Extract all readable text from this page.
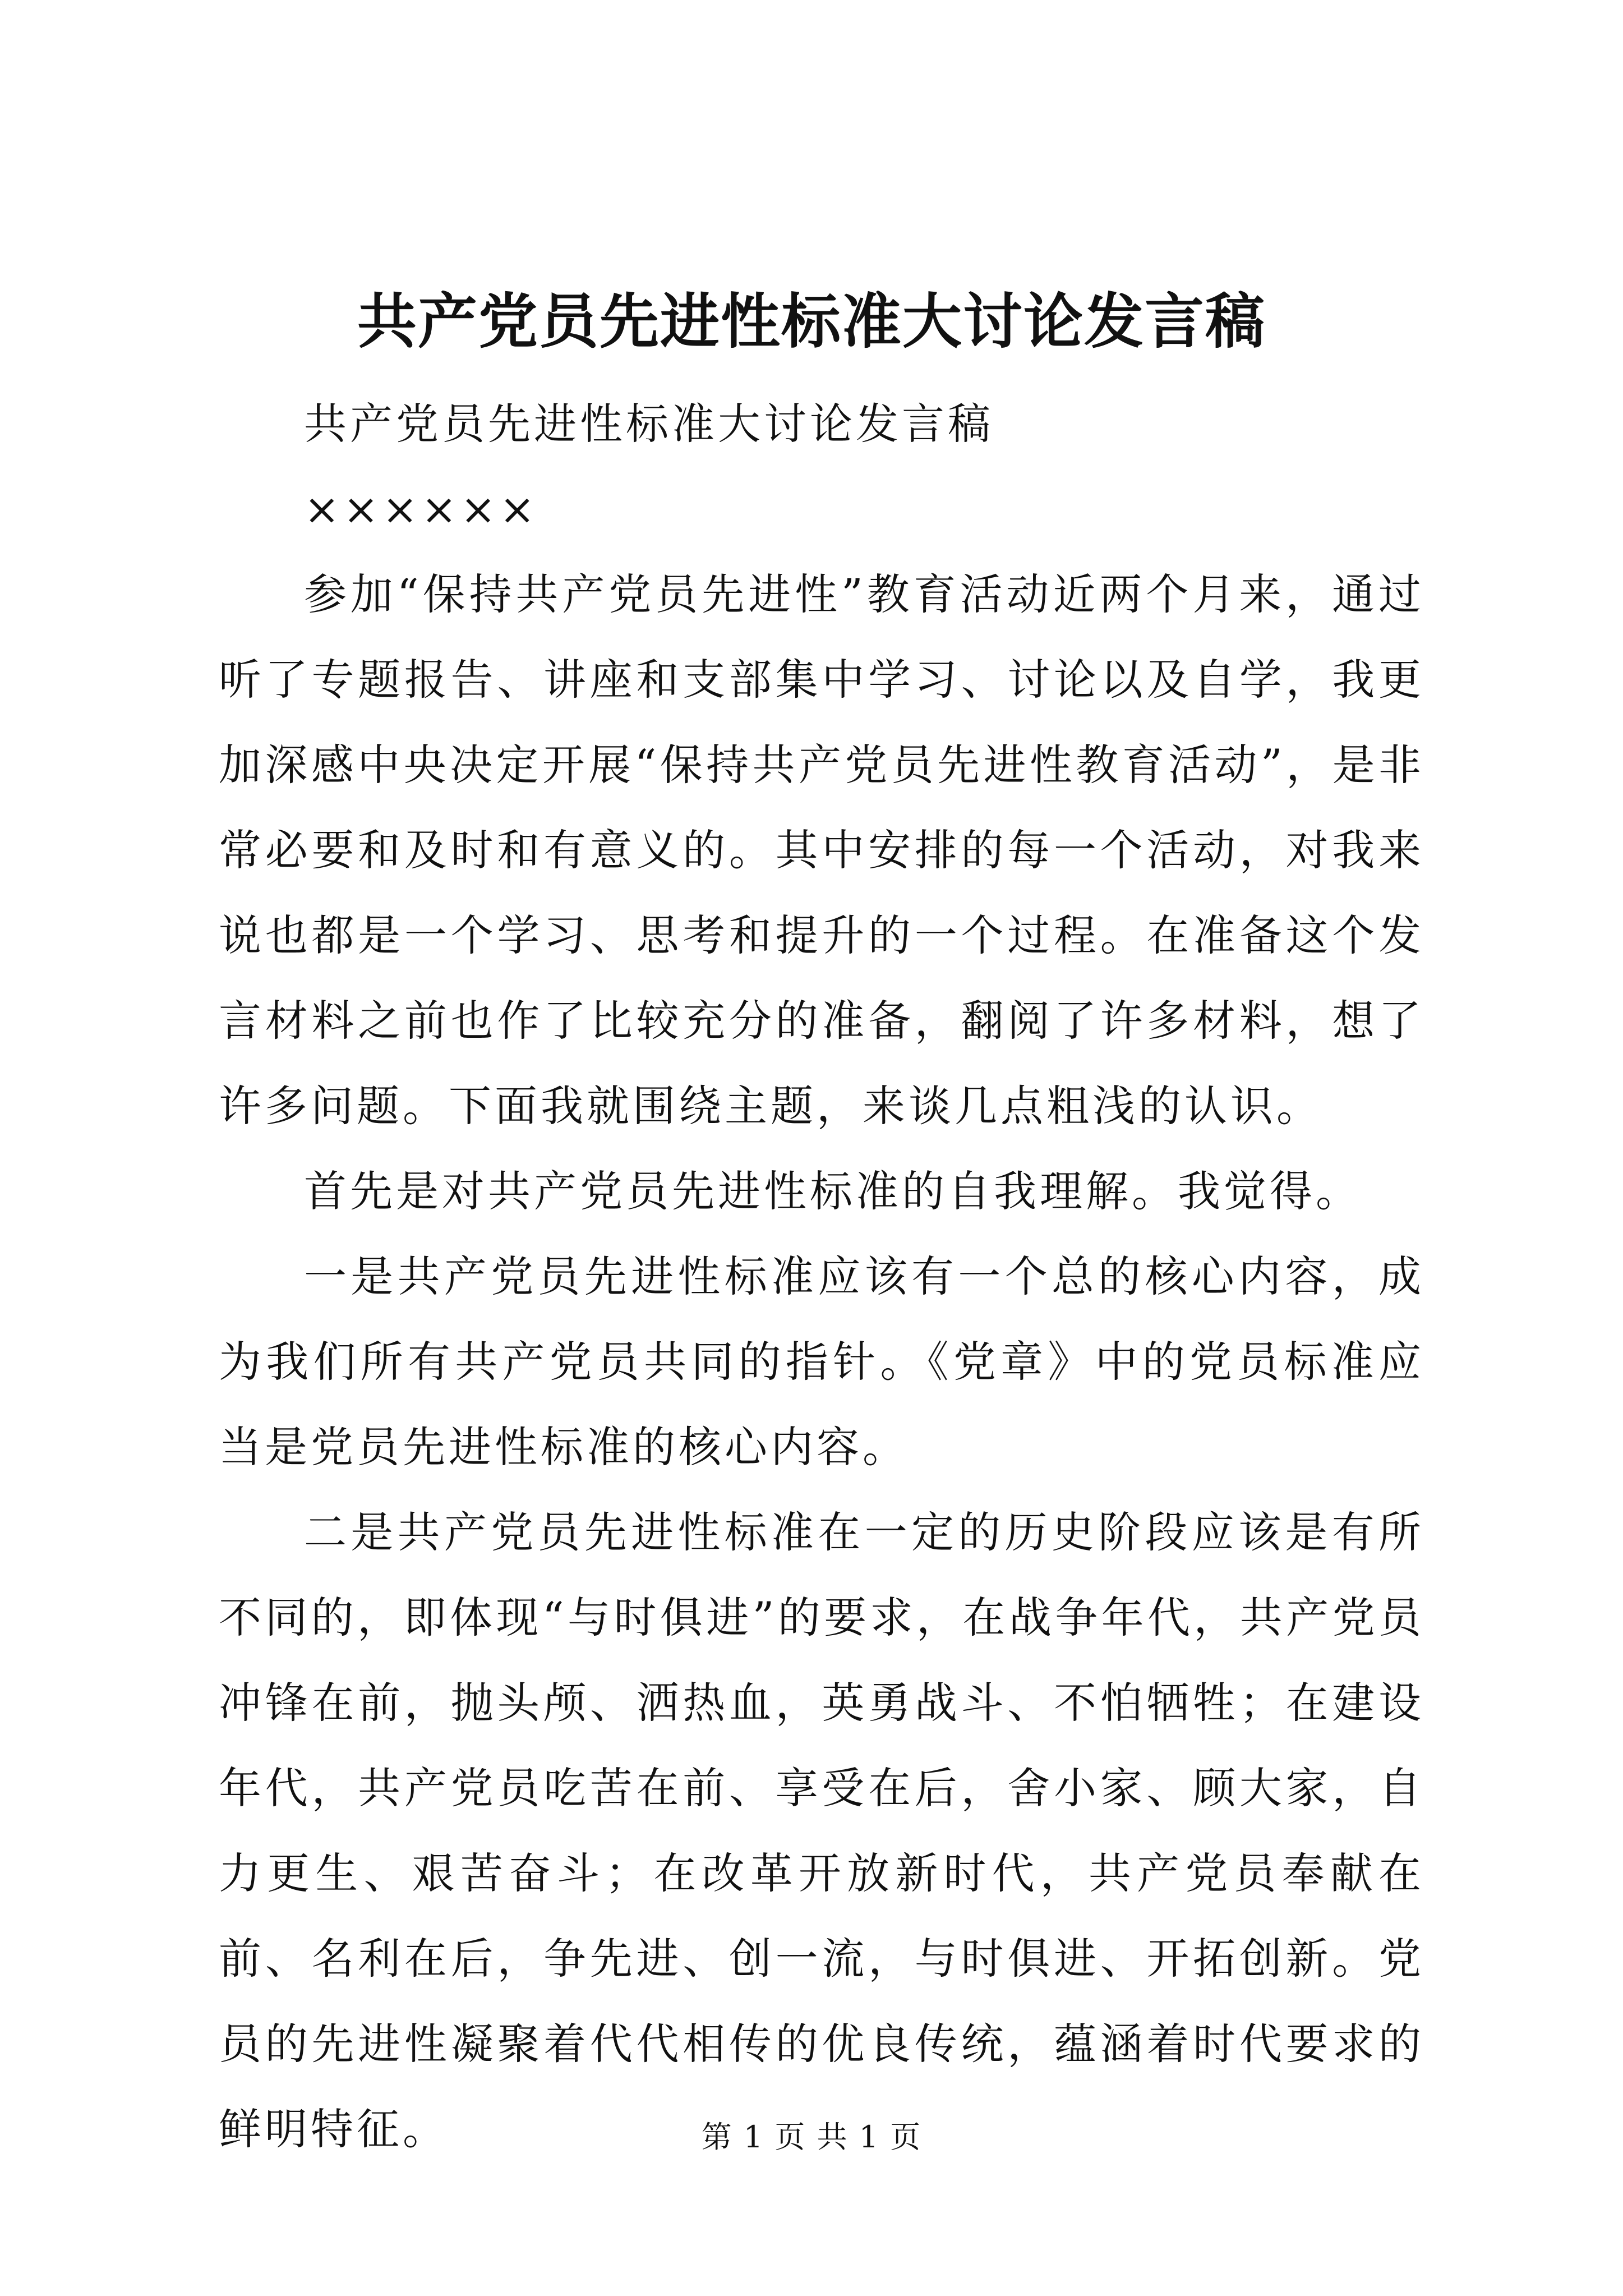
共产党员先进性标准大讨论发言稿

共产党员先进性标准大讨论发言稿

××××××

参加“保持共产党员先进性”教育活动近两个月来，通过听了专题报告、讲座和支部集中学习、讨论以及自学，我更加深感中央决定开展“保持共产党员先进性教育活动”，是非常必要和及时和有意义的。其中安排的每一个活动，对我来说也都是一个学习、思考和提升的一个过程。在准备这个发言材料之前也作了比较充分的准备，翻阅了许多材料，想了许多问题。下面我就围绕主题，来谈几点粗浅的认识。

首先是对共产党员先进性标准的自我理解。我觉得。

一是共产党员先进性标准应该有一个总的核心内容，成为我们所有共产党员共同的指针。《党章》中的党员标准应当是党员先进性标准的核心内容。

二是共产党员先进性标准在一定的历史阶段应该是有所不同的，即体现“与时俱进”的要求，在战争年代，共产党员冲锋在前，抛头颅、洒热血，英勇战斗、不怕牺牲；在建设年代，共产党员吃苦在前、享受在后，舍小家、顾大家，自力更生、艰苦奋斗；在改革开放新时代，共产党员奉献在前、名利在后，争先进、创一流，与时俱进、开拓创新。党员的先进性凝聚着代代相传的优良传统，蕴涵着时代要求的鲜明特征。	第 1 页 共 1 页
